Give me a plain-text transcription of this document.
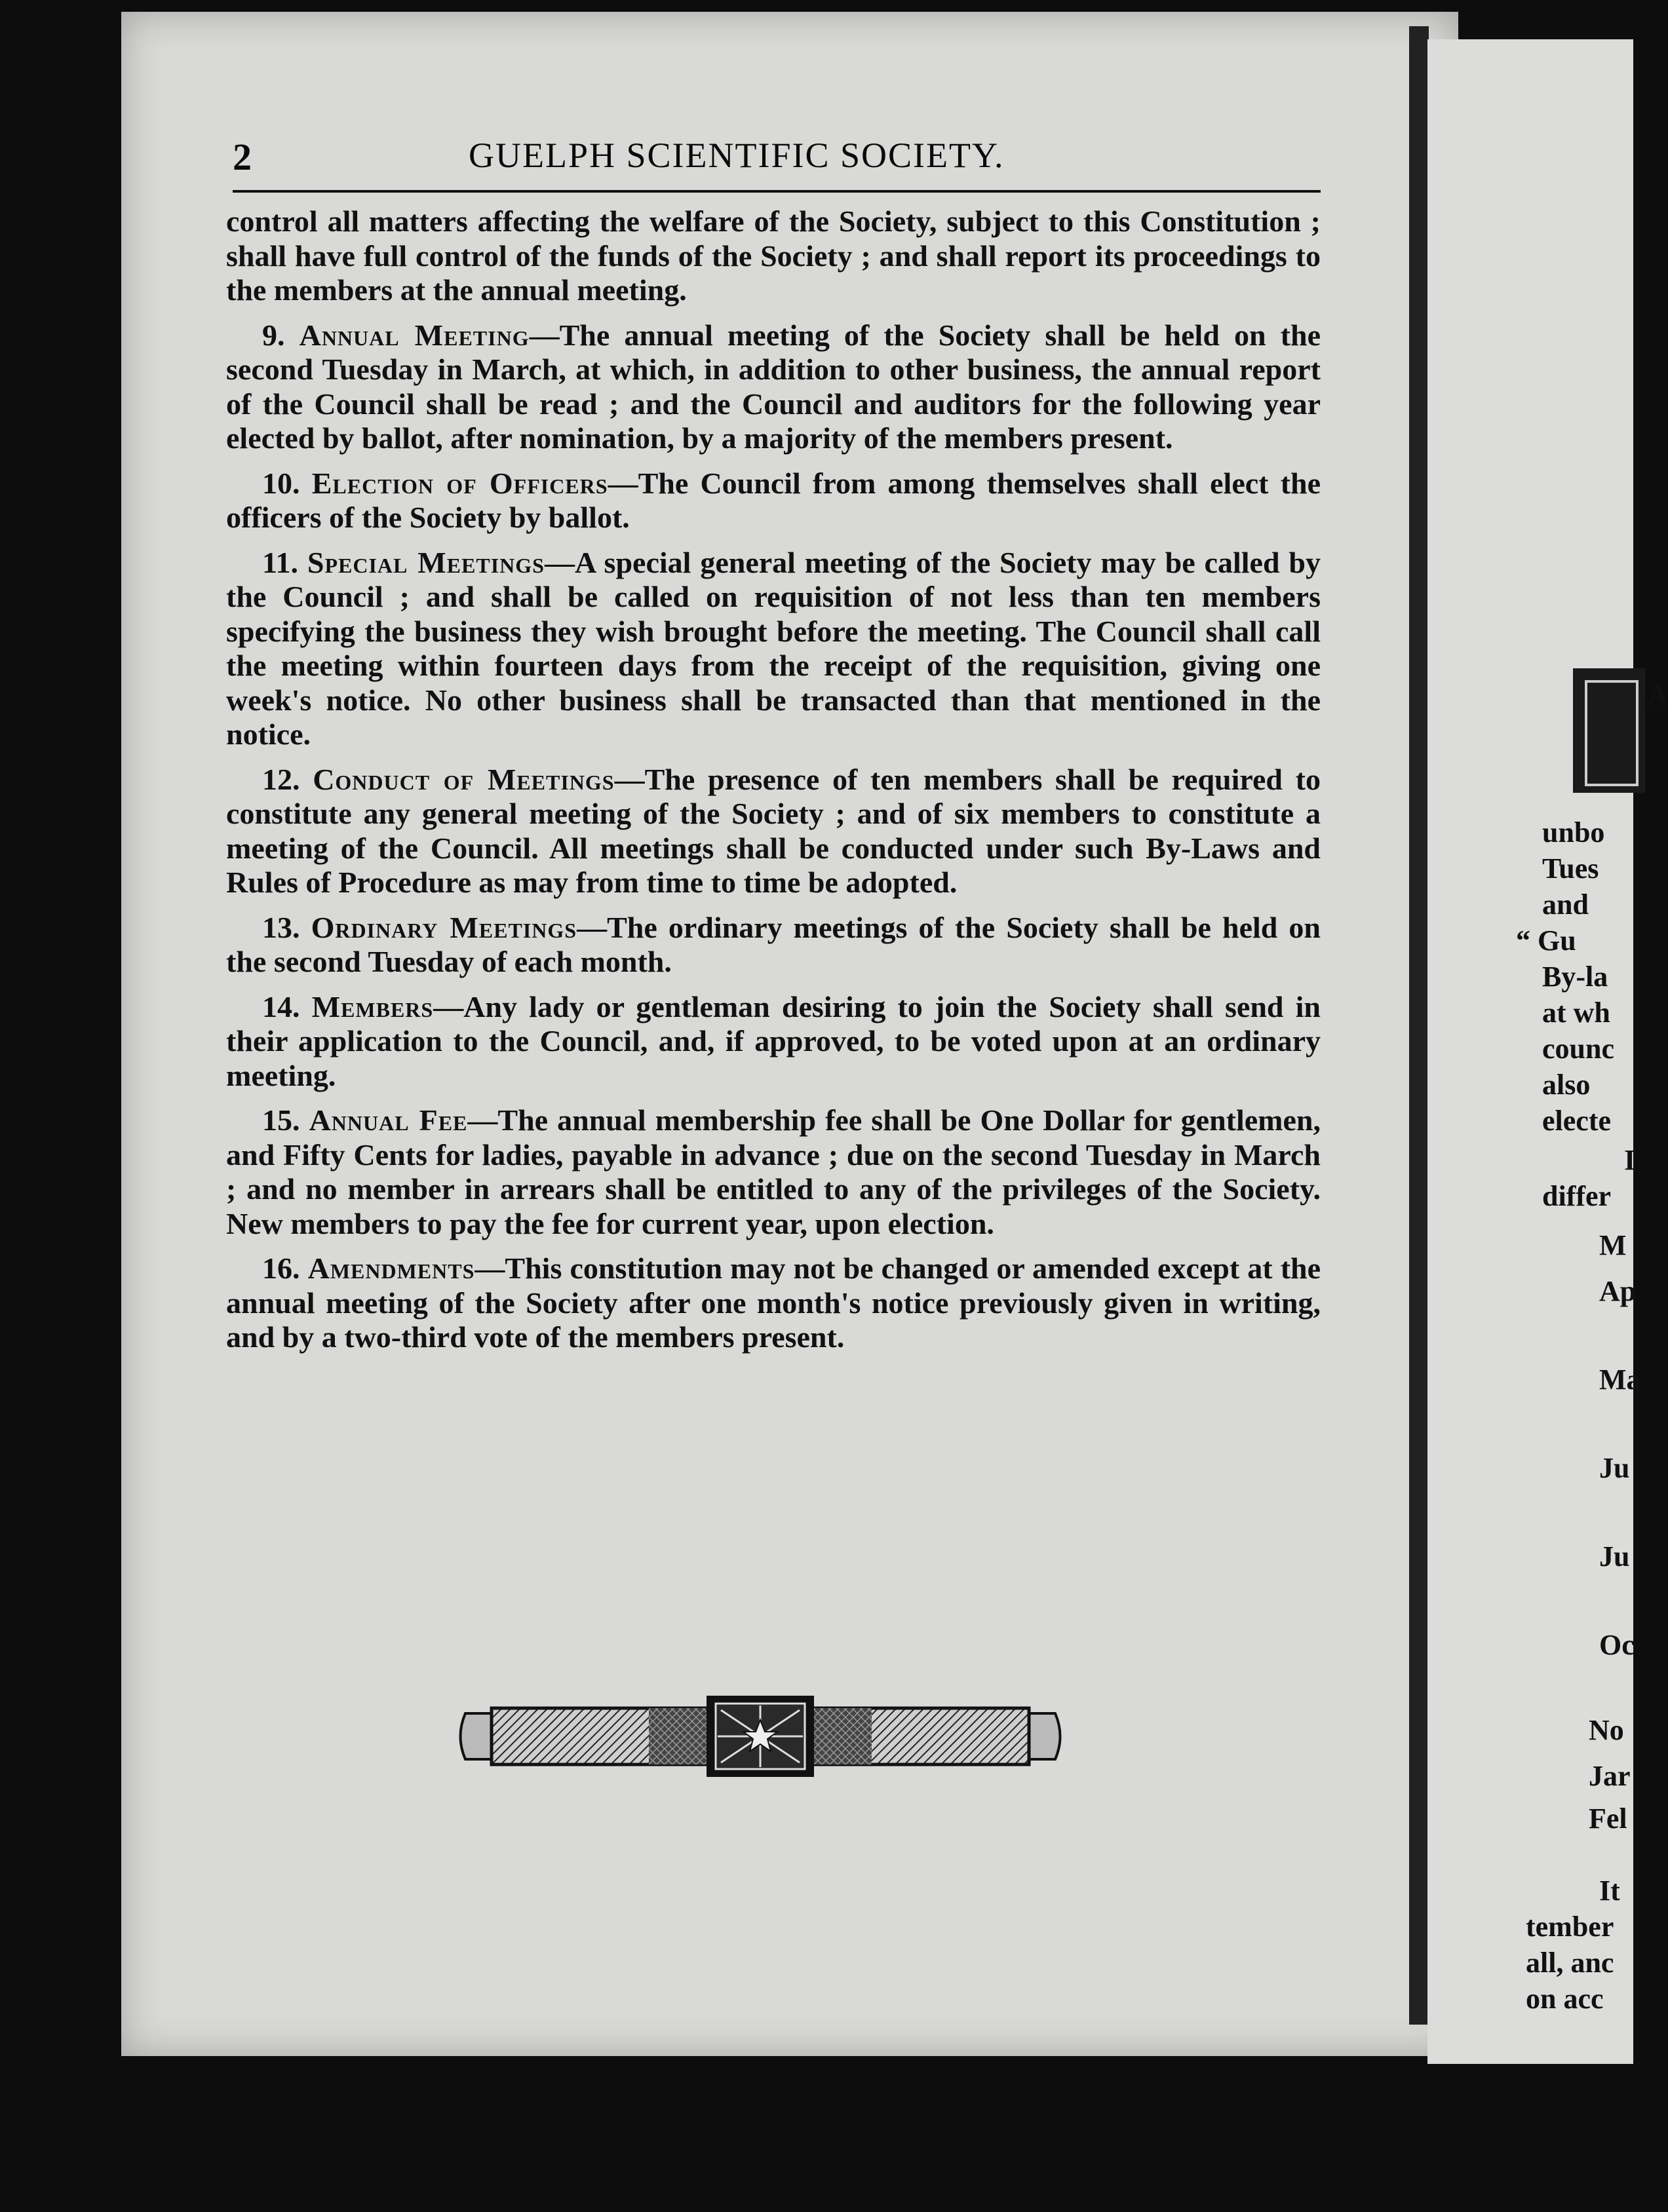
A
unbo
Tues
and
“ Gu
By-la
at wh
counc
also
electe
I
differ
M
Ap
Ma
Ju
Ju
Oc
No
Jar
Fel
It
tember
all, anc
on acc
2	GUELPH SCIENTIFIC SOCIETY.

control all matters affecting the welfare of the Society, subject to this Constitution ; shall have full control of the funds of the Society ; and shall report its proceedings to the members at the annual meeting.

9. Annual Meeting—The annual meeting of the Society shall be held on the second Tuesday in March, at which, in addition to other business, the annual report of the Council shall be read ; and the Council and auditors for the following year elected by ballot, after nomination, by a majority of the members present.

10. Election of Officers—The Council from among themselves shall elect the officers of the Society by ballot.

11. Special Meetings—A special general meeting of the Society may be called by the Council ; and shall be called on requisition of not less than ten members specifying the business they wish brought before the meeting. The Council shall call the meeting within fourteen days from the receipt of the requisition, giving one week's notice. No other business shall be transacted than that mentioned in the notice.

12. Conduct of Meetings—The presence of ten members shall be required to constitute any general meeting of the Society ; and of six members to constitute a meeting of the Council. All meetings shall be conducted under such By-Laws and Rules of Procedure as may from time to time be adopted.

13. Ordinary Meetings—The ordinary meetings of the Society shall be held on the second Tuesday of each month.

14. Members—Any lady or gentleman desiring to join the Society shall send in their application to the Council, and, if approved, to be voted upon at an ordinary meeting.

15. Annual Fee—The annual membership fee shall be One Dollar for gentlemen, and Fifty Cents for ladies, payable in advance ; due on the second Tuesday in March ; and no member in arrears shall be entitled to any of the privileges of the Society. New members to pay the fee for current year, upon election.

16. Amendments—This constitution may not be changed or amended except at the annual meeting of the Society after one month's notice previously given in writing, and by a two-third vote of the members present.
